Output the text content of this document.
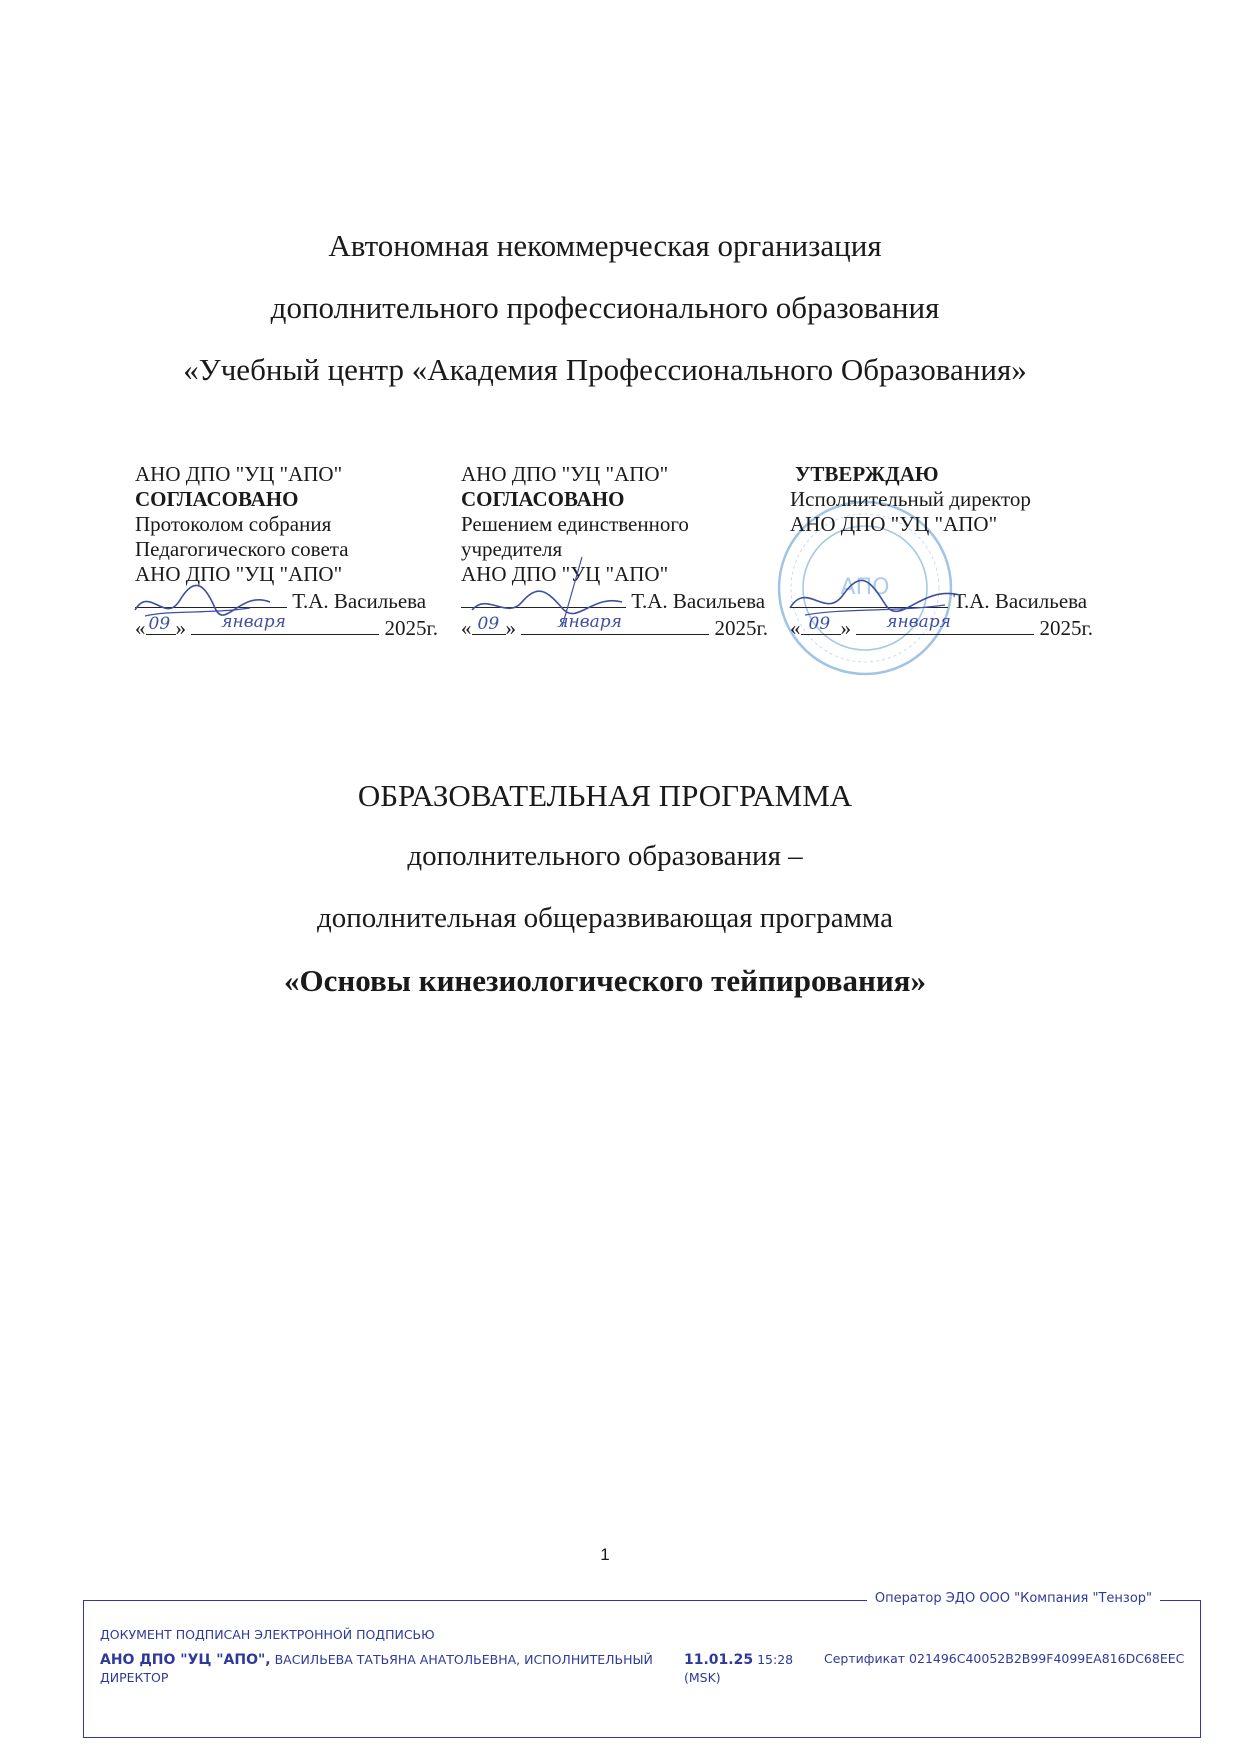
Автономная некоммерческая организация
дополнительного профессионального образования
«Учебный центр «Академия Профессионального Образования»
АНО ДПО "УЦ "АПО"
СОГЛАСОВАНО
Протоколом собрания
Педагогического совета
АНО ДПО "УЦ "АПО"
Т.А. Васильева
« 09 » января	2025г.
АНО ДПО "УЦ "АПО"
СОГЛАСОВАНО
Решением единственного
учредителя
АНО ДПО "УЦ "АПО"
Т.А. Васильева
« 09 » января	2025г.
АПО
УТВЕРЖДАЮ
Исполнительный директор
АНО ДПО "УЦ "АПО"
Т.А. Васильева
« 09 » января	2025г.
ОБРАЗОВАТЕЛЬНАЯ ПРОГРАММА
дополнительного образования –
дополнительная общеразвивающая программа
«Основы кинезиологического тейпирования»
1
Оператор ЭДО ООО "Компания "Тензор"
ДОКУМЕНТ ПОДПИСАН ЭЛЕКТРОННОЙ ПОДПИСЬЮ
АНО ДПО "УЦ "АПО", ВАСИЛЬЕВА ТАТЬЯНА АНАТОЛЬЕВНА, ИСПОЛНИТЕЛЬНЫЙ ДИРЕКТОР
11.01.25 15:28
(MSK)
Сертификат 021496C40052B2B99F4099EA816DC68EEC
